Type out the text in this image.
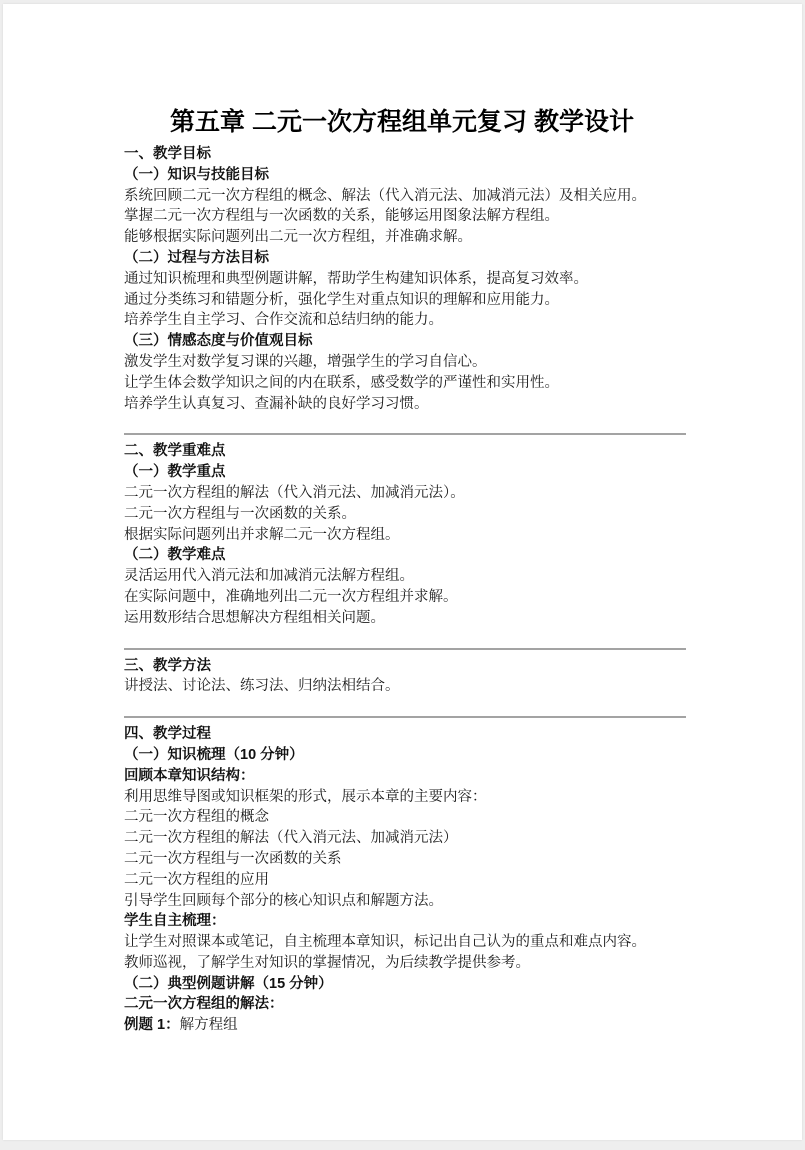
第五章 二元一次方程组单元复习 教学设计
一、教学目标
（一）知识与技能目标
系统回顾二元一次方程组的概念、解法（代入消元法、加减消元法）及相关应用。
掌握二元一次方程组与一次函数的关系，能够运用图象法解方程组。
能够根据实际问题列出二元一次方程组，并准确求解。
（二）过程与方法目标
通过知识梳理和典型例题讲解，帮助学生构建知识体系，提高复习效率。
通过分类练习和错题分析，强化学生对重点知识的理解和应用能力。
培养学生自主学习、合作交流和总结归纳的能力。
（三）情感态度与价值观目标
激发学生对数学复习课的兴趣，增强学生的学习自信心。
让学生体会数学知识之间的内在联系，感受数学的严谨性和实用性。
培养学生认真复习、查漏补缺的良好学习习惯。
二、教学重难点
（一）教学重点
二元一次方程组的解法（代入消元法、加减消元法）。
二元一次方程组与一次函数的关系。
根据实际问题列出并求解二元一次方程组。
（二）教学难点
灵活运用代入消元法和加减消元法解方程组。
在实际问题中，准确地列出二元一次方程组并求解。
运用数形结合思想解决方程组相关问题。
三、教学方法
讲授法、讨论法、练习法、归纳法相结合。
四、教学过程
（一）知识梳理（10 分钟）
回顾本章知识结构：
利用思维导图或知识框架的形式，展示本章的主要内容：
二元一次方程组的概念
二元一次方程组的解法（代入消元法、加减消元法）
二元一次方程组与一次函数的关系
二元一次方程组的应用
引导学生回顾每个部分的核心知识点和解题方法。
学生自主梳理：
让学生对照课本或笔记，自主梳理本章知识，标记出自己认为的重点和难点内容。
教师巡视，了解学生对知识的掌握情况，为后续教学提供参考。
（二）典型例题讲解（15 分钟）
二元一次方程组的解法：
例题 1：解方程组
